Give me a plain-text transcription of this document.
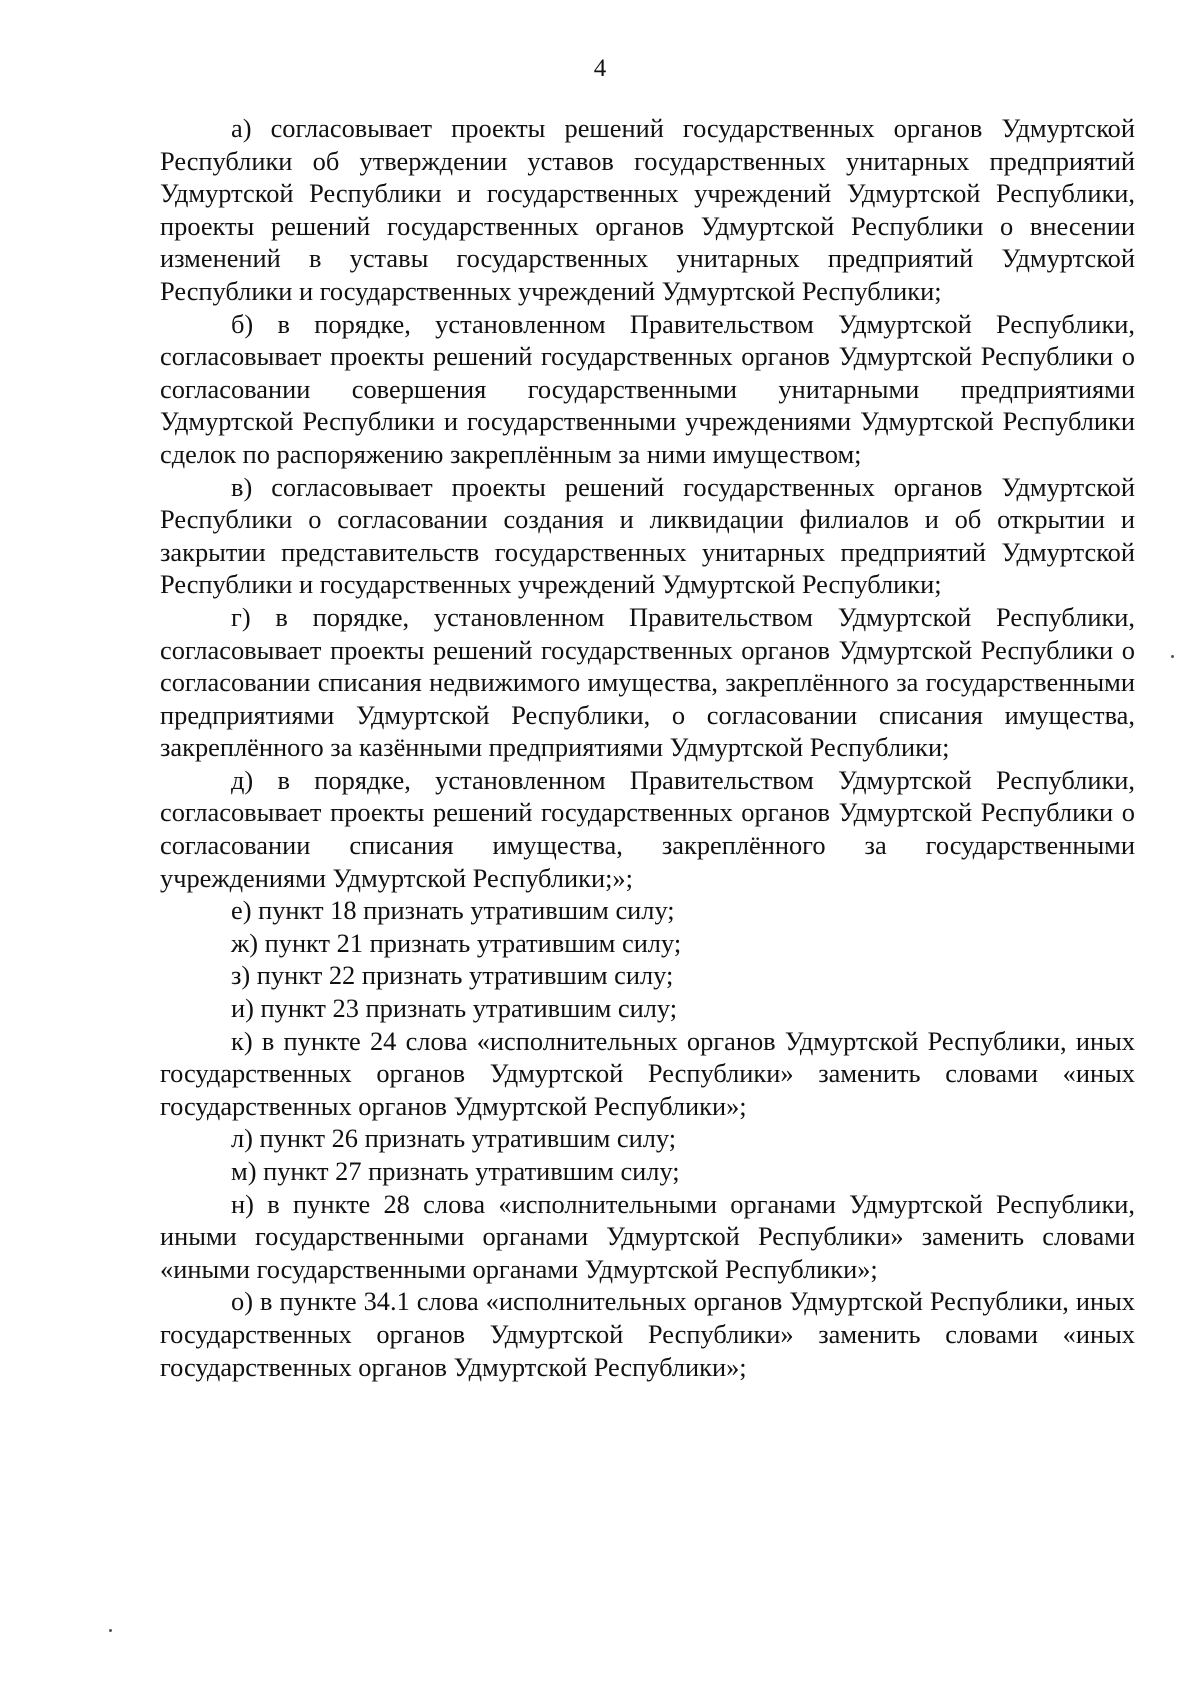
4

а) согласовывает проекты решений государственных органов Удмуртской Республики об утверждении уставов государственных унитарных предприятий Удмуртской Республики и государственных учреждений Удмуртской Республики, проекты решений государственных органов Удмуртской Республики о внесении изменений в уставы государственных унитарных предприятий Удмуртской Республики и государственных учреждений Удмуртской Республики;

б) в порядке, установленном Правительством Удмуртской Республики, согласовывает проекты решений государственных органов Удмуртской Республики о согласовании совершения государственными унитарными предприятиями Удмуртской Республики и государственными учреждениями Удмуртской Республики сделок по распоряжению закреплённым за ними имуществом;

в) согласовывает проекты решений государственных органов Удмуртской Республики о согласовании создания и ликвидации филиалов и об открытии и закрытии представительств государственных унитарных предприятий Удмуртской Республики и государственных учреждений Удмуртской Республики;

г) в порядке, установленном Правительством Удмуртской Республики, согласовывает проекты решений государственных органов Удмуртской Республики о согласовании списания недвижимого имущества, закреплённого за государственными предприятиями Удмуртской Республики, о согласовании списания имущества, закреплённого за казёнными предприятиями Удмуртской Республики;

д) в порядке, установленном Правительством Удмуртской Республики, согласовывает проекты решений государственных органов Удмуртской Республики о согласовании списания имущества, закреплённого за государственными учреждениями Удмуртской Республики;»;

е) пункт 18 признать утратившим силу;

ж) пункт 21 признать утратившим силу;

з) пункт 22 признать утратившим силу;

и) пункт 23 признать утратившим силу;

к) в пункте 24 слова «исполнительных органов Удмуртской Республики, иных государственных органов Удмуртской Республики» заменить словами «иных государственных органов Удмуртской Республики»;

л) пункт 26 признать утратившим силу;

м) пункт 27 признать утратившим силу;

н) в пункте 28 слова «исполнительными органами Удмуртской Республики, иными государственными органами Удмуртской Республики» заменить словами «иными государственными органами Удмуртской Республики»;

о) в пункте 34.1 слова «исполнительных органов Удмуртской Республики, иных государственных органов Удмуртской Республики» заменить словами «иных государственных органов Удмуртской Республики»;
